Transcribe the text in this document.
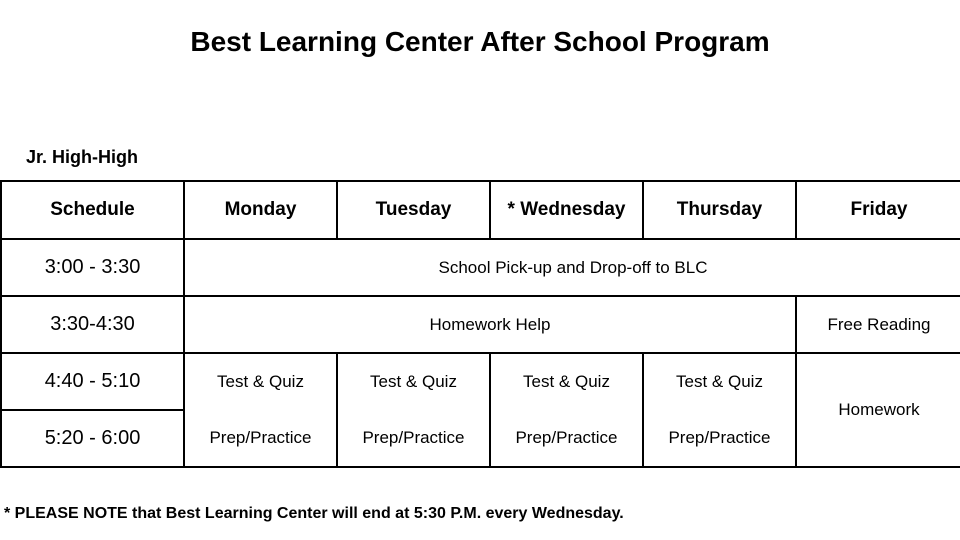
Best Learning Center After School Program
Jr. High-High
Schedule	Monday	Tuesday	* Wednesday	Thursday	Friday
3:00 - 3:30	School Pick-up and Drop-off to BLC				
3:30-4:30	Homework Help				Free Reading
4:40 - 5:10	Test & Quiz	Test & Quiz	Test & Quiz	Test & Quiz	Homework
5:20 - 6:00	Prep/Practice	Prep/Practice	Prep/Practice	Prep/Practice	
* PLEASE NOTE that Best Learning Center will end at 5:30 P.M. every Wednesday.
